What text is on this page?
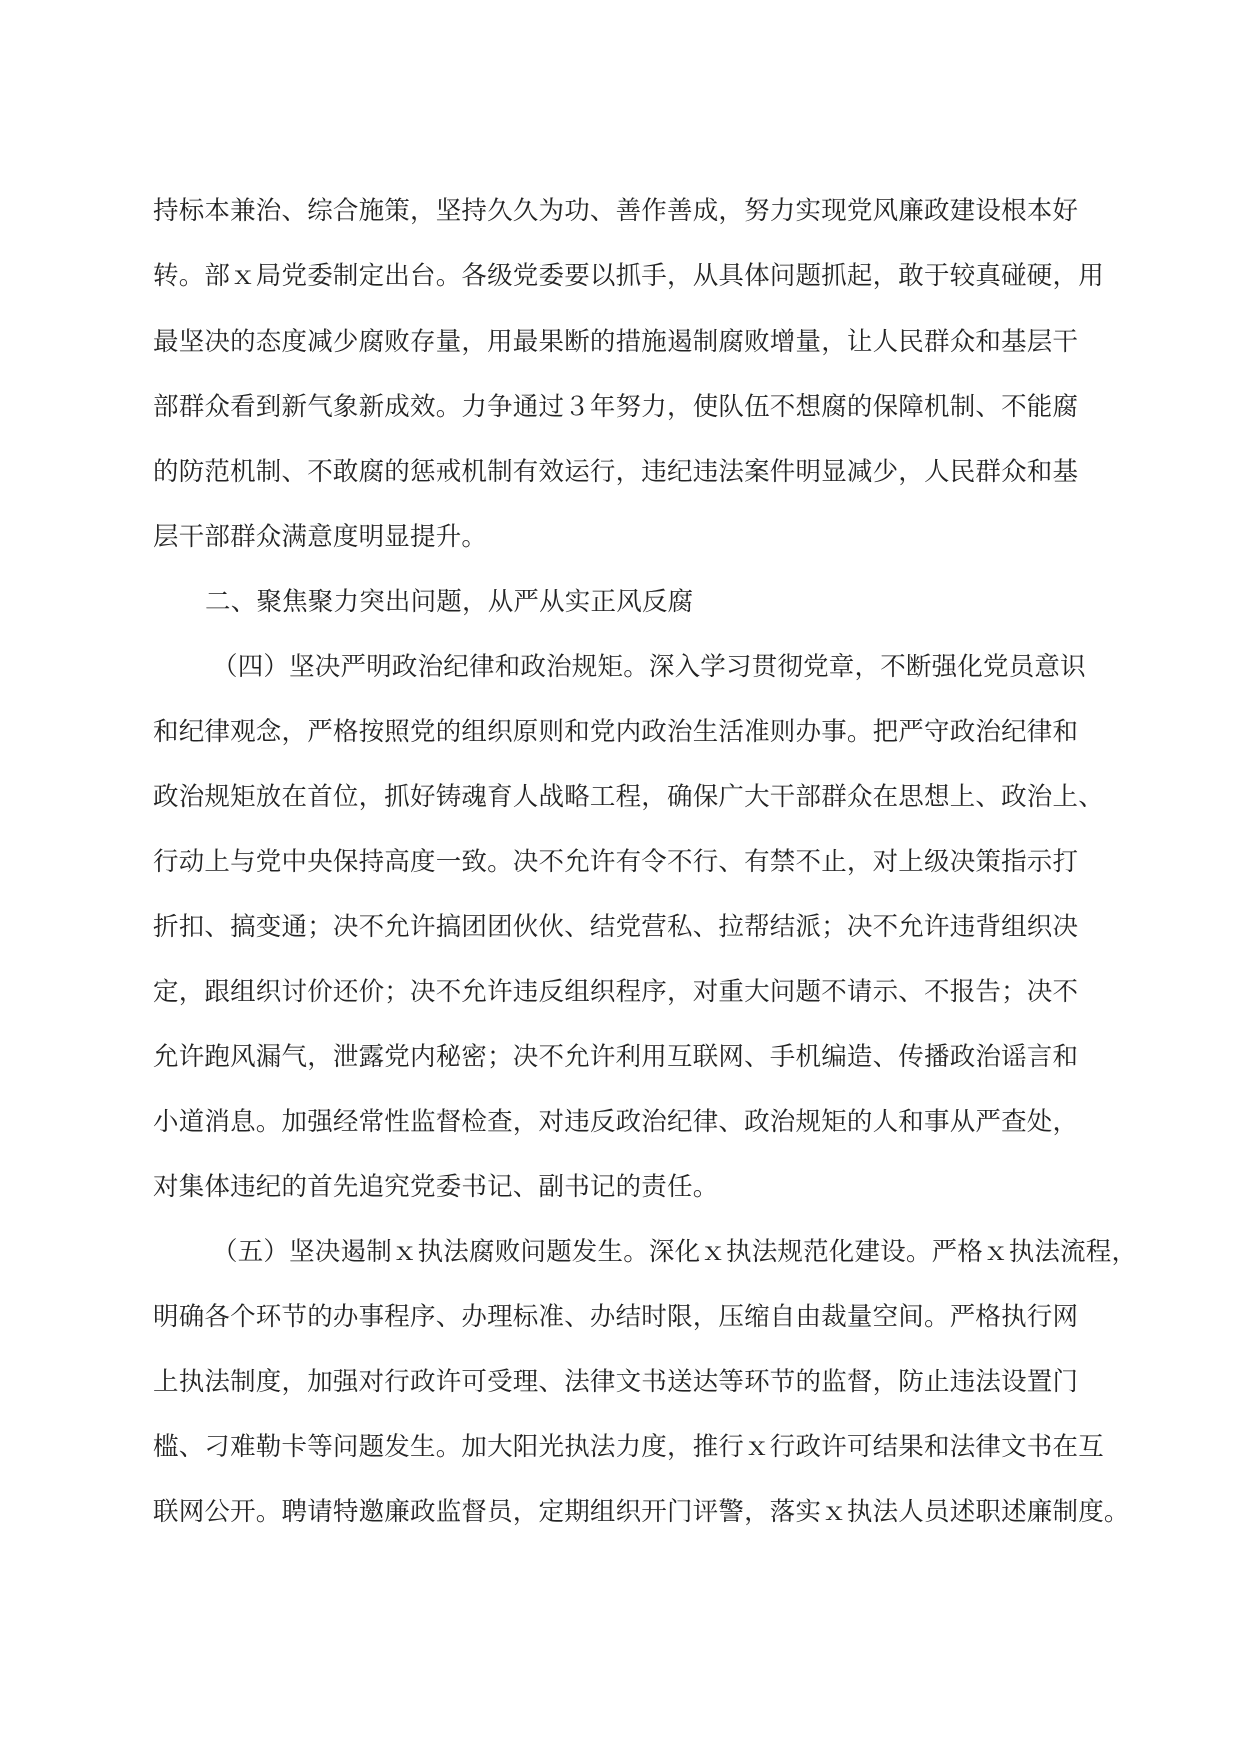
持标本兼治、综合施策，坚持久久为功、善作善成，努力实现党风廉政建设根本好
转。部ｘ局党委制定出台。各级党委要以抓手，从具体问题抓起，敢于较真碰硬，用
最坚决的态度减少腐败存量，用最果断的措施遏制腐败增量，让人民群众和基层干
部群众看到新气象新成效。力争通过３年努力，使队伍不想腐的保障机制、不能腐
的防范机制、不敢腐的惩戒机制有效运行，违纪违法案件明显减少，人民群众和基
层干部群众满意度明显提升。
二、聚焦聚力突出问题，从严从实正风反腐
（四）坚决严明政治纪律和政治规矩。深入学习贯彻党章，不断强化党员意识
和纪律观念，严格按照党的组织原则和党内政治生活准则办事。把严守政治纪律和
政治规矩放在首位，抓好铸魂育人战略工程，确保广大干部群众在思想上、政治上、
行动上与党中央保持高度一致。决不允许有令不行、有禁不止，对上级决策指示打
折扣、搞变通；决不允许搞团团伙伙、结党营私、拉帮结派；决不允许违背组织决
定，跟组织讨价还价；决不允许违反组织程序，对重大问题不请示、不报告；决不
允许跑风漏气，泄露党内秘密；决不允许利用互联网、手机编造、传播政治谣言和
小道消息。加强经常性监督检查，对违反政治纪律、政治规矩的人和事从严查处，
对集体违纪的首先追究党委书记、副书记的责任。
（五）坚决遏制ｘ执法腐败问题发生。深化ｘ执法规范化建设。严格ｘ执法流程，
明确各个环节的办事程序、办理标准、办结时限，压缩自由裁量空间。严格执行网
上执法制度，加强对行政许可受理、法律文书送达等环节的监督，防止违法设置门
槛、刁难勒卡等问题发生。加大阳光执法力度，推行ｘ行政许可结果和法律文书在互
联网公开。聘请特邀廉政监督员，定期组织开门评警，落实ｘ执法人员述职述廉制度。
